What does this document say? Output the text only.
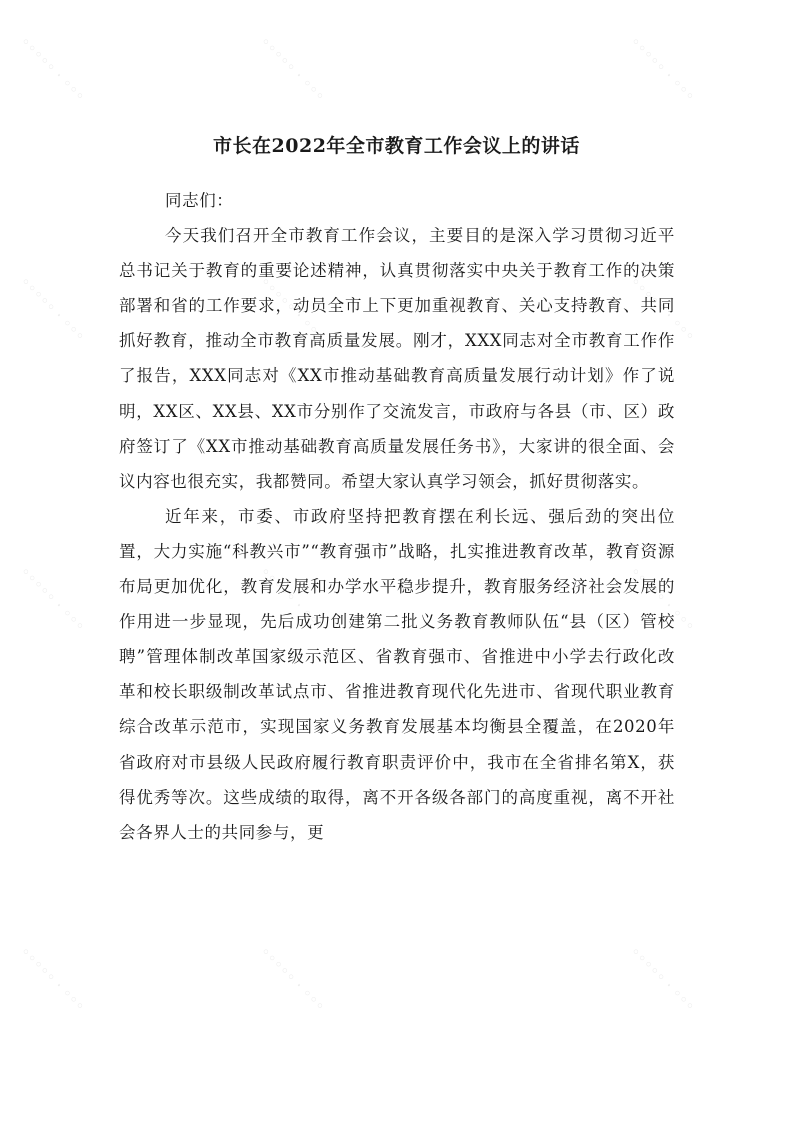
◦◦◦◦◦ · ◦◦◦	◦◦◦◦◦ · ◦◦◦	◦◦◦◦◦ · ◦◦◦
◦◦◦◦◦ · ◦◦◦	◦◦◦◦◦ · ◦◦◦	◦◦◦◦◦ · ◦◦◦
◦◦◦◦◦ · ◦◦◦	◦◦◦◦◦ · ◦◦◦	◦◦◦◦◦ · ◦◦◦
◦◦◦◦◦ · ◦◦◦	◦◦◦◦◦ · ◦◦◦	◦◦◦◦◦ · ◦◦◦
市长在2022年全市教育工作会议上的讲话

同志们：

今天我们召开全市教育工作会议，主要目的是深入学习贯彻习近平总书记关于教育的重要论述精神，认真贯彻落实中央关于教育工作的决策部署和省的工作要求，动员全市上下更加重视教育、关心支持教育、共同抓好教育，推动全市教育高质量发展。刚才，XXX同志对全市教育工作作了报告，XXX同志对《XX市推动基础教育高质量发展行动计划》作了说明，XX区、XX县、XX市分别作了交流发言，市政府与各县（市、区）政府签订了《XX市推动基础教育高质量发展任务书》，大家讲的很全面、会议内容也很充实，我都赞同。希望大家认真学习领会，抓好贯彻落实。

近年来，市委、市政府坚持把教育摆在利长远、强后劲的突出位置，大力实施“科教兴市”“教育强市”战略，扎实推进教育改革，教育资源布局更加优化，教育发展和办学水平稳步提升，教育服务经济社会发展的作用进一步显现，先后成功创建第二批义务教育教师队伍“县（区）管校聘”管理体制改革国家级示范区、省教育强市、省推进中小学去行政化改革和校长职级制改革试点市、省推进教育现代化先进市、省现代职业教育综合改革示范市，实现国家义务教育发展基本均衡县全覆盖，在2020年省政府对市县级人民政府履行教育职责评价中，我市在全省排名第X，获得优秀等次。这些成绩的取得，离不开各级各部门的高度重视，离不开社会各界人士的共同参与，更
